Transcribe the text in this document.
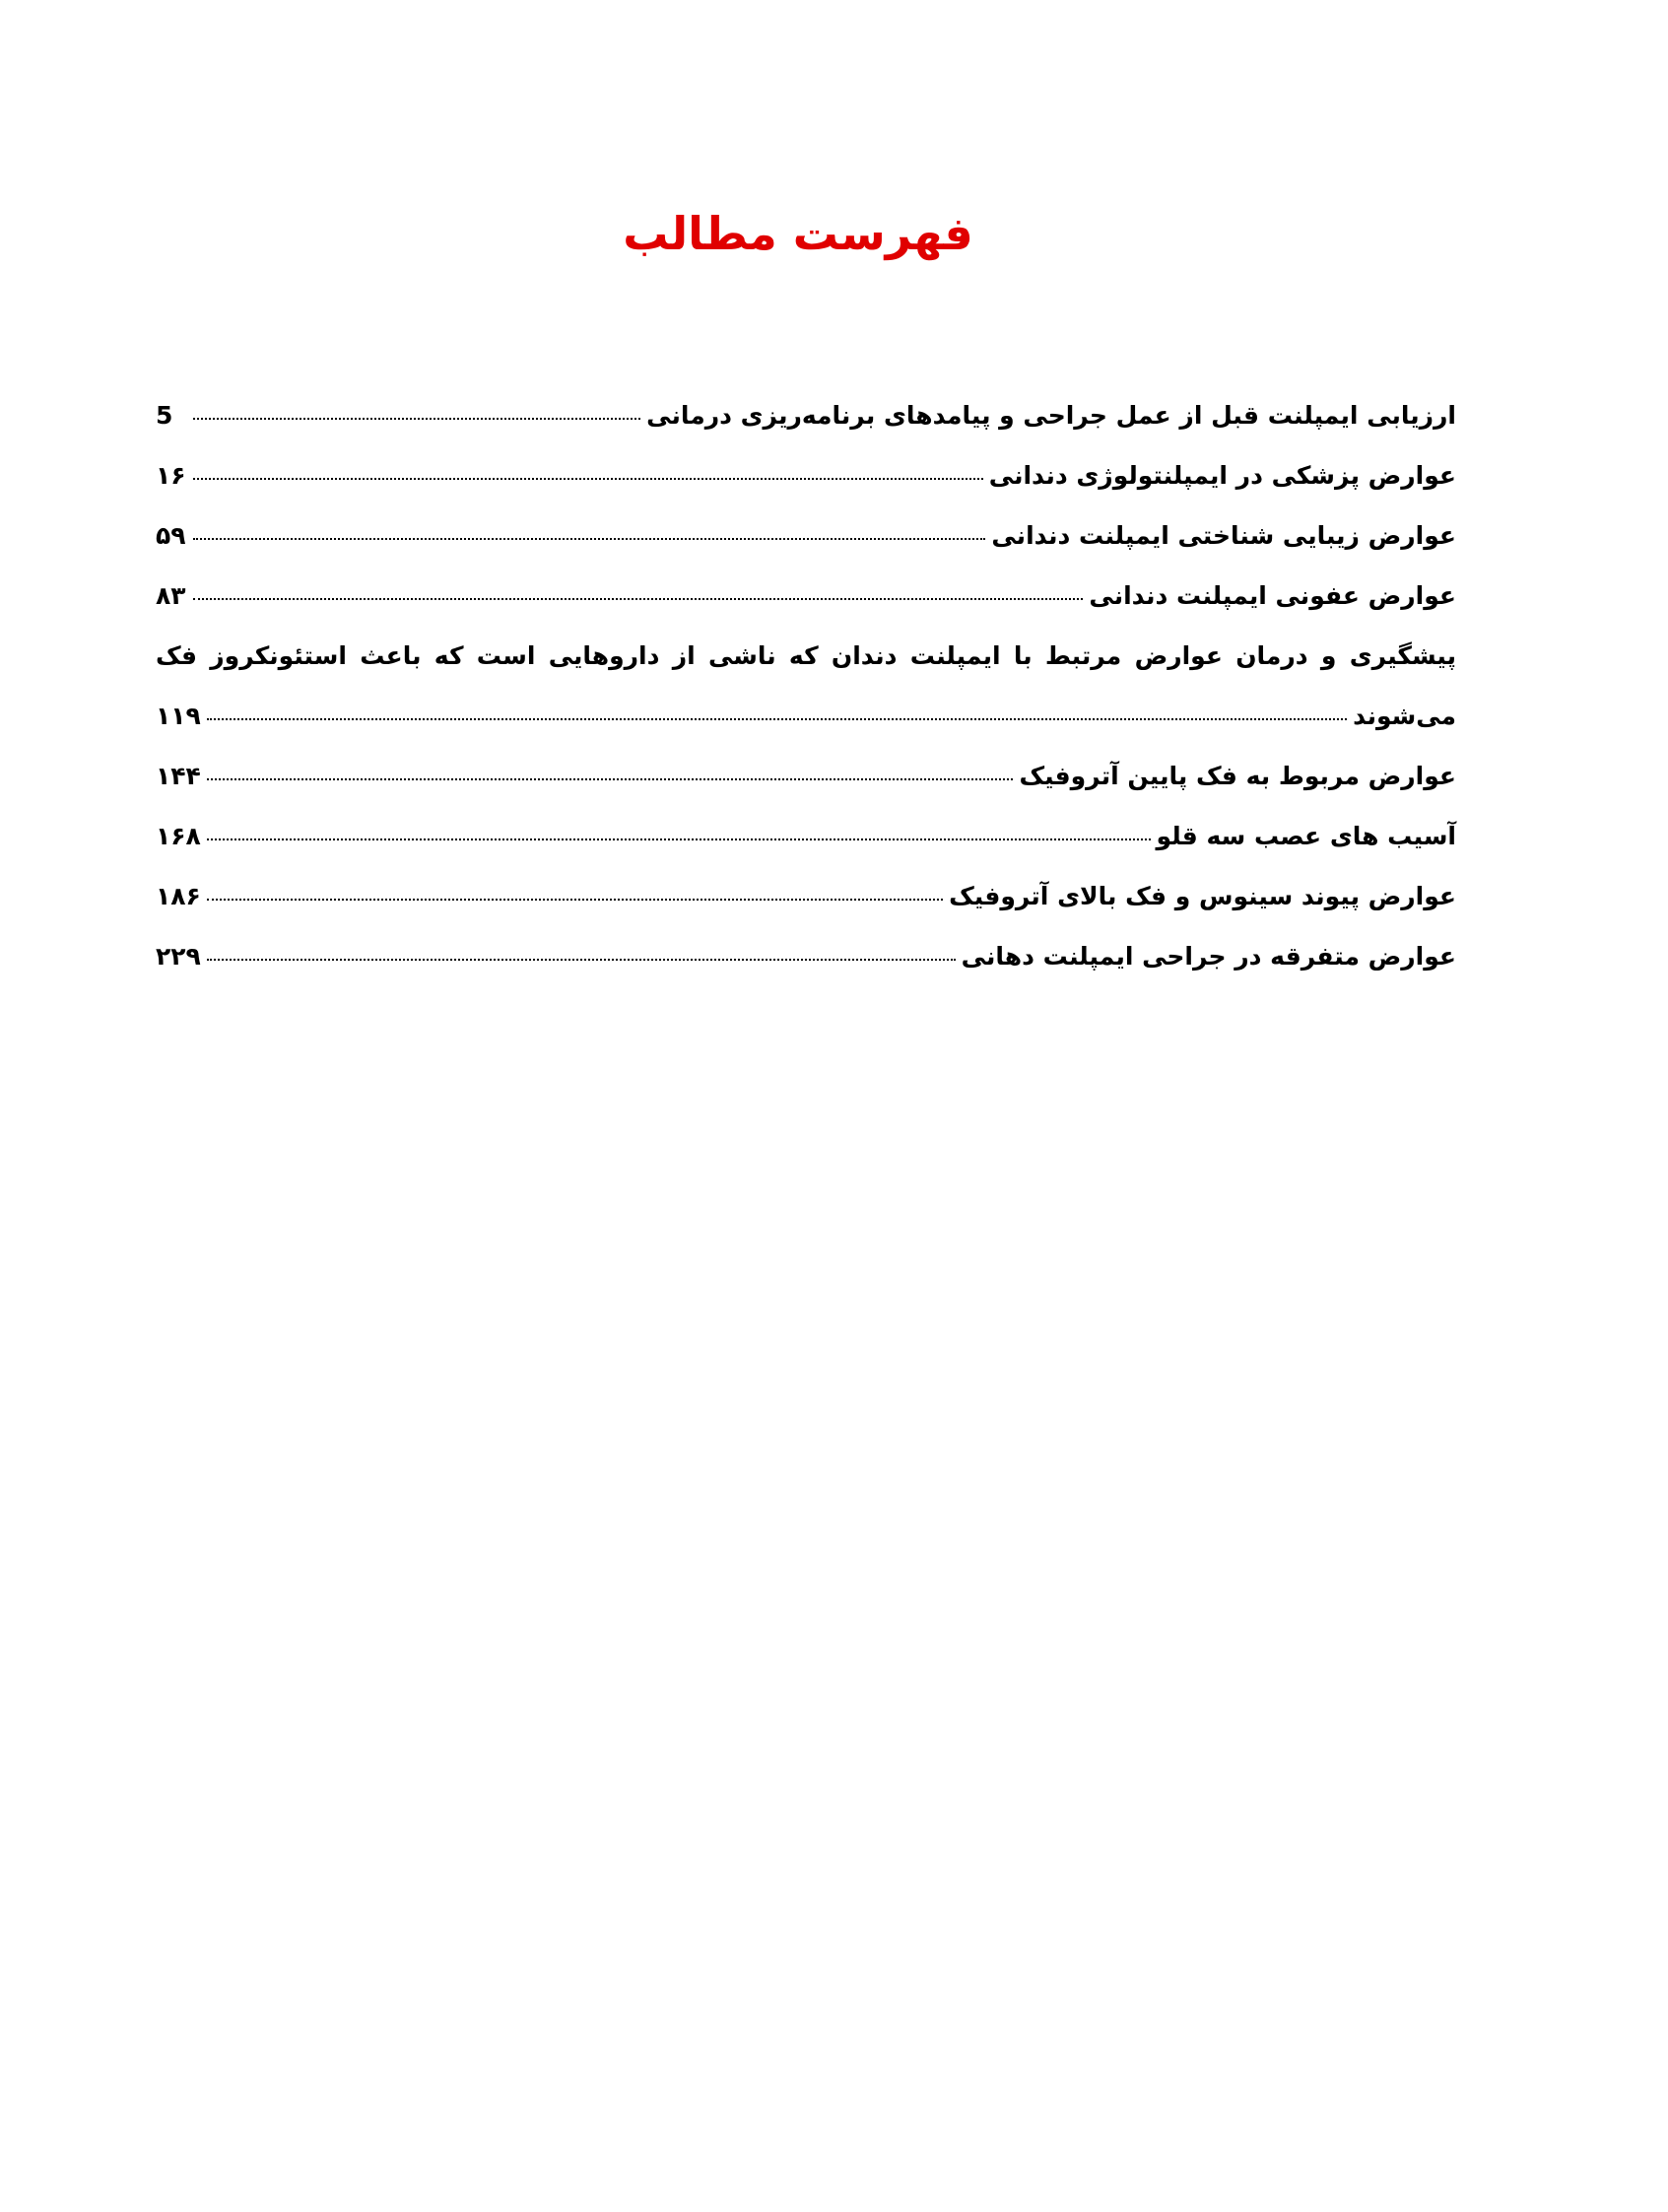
فهرست مطالب
ارزیابی ایمپلنت قبل از عمل جراحی و پیامدهای برنامه‌ریزی درمانی
5
عوارض پزشکی در ایمپلنتولوژی دندانی
۱۶
عوارض زیبایی شناختی ایمپلنت دندانی
۵۹
عوارض عفونی ایمپلنت دندانی
۸۳
پیشگیری و درمان عوارض مرتبط با ایمپلنت دندان که ناشی از داروهایی است که باعث استئونکروز فک
می‌شوند
۱۱۹
عوارض مربوط به فک پایین آتروفیک
۱۴۴
آسیب های عصب سه قلو
۱۶۸
عوارض پیوند سینوس و فک بالای آتروفیک
۱۸۶
عوارض متفرقه در جراحی ایمپلنت دهانی
۲۲۹
